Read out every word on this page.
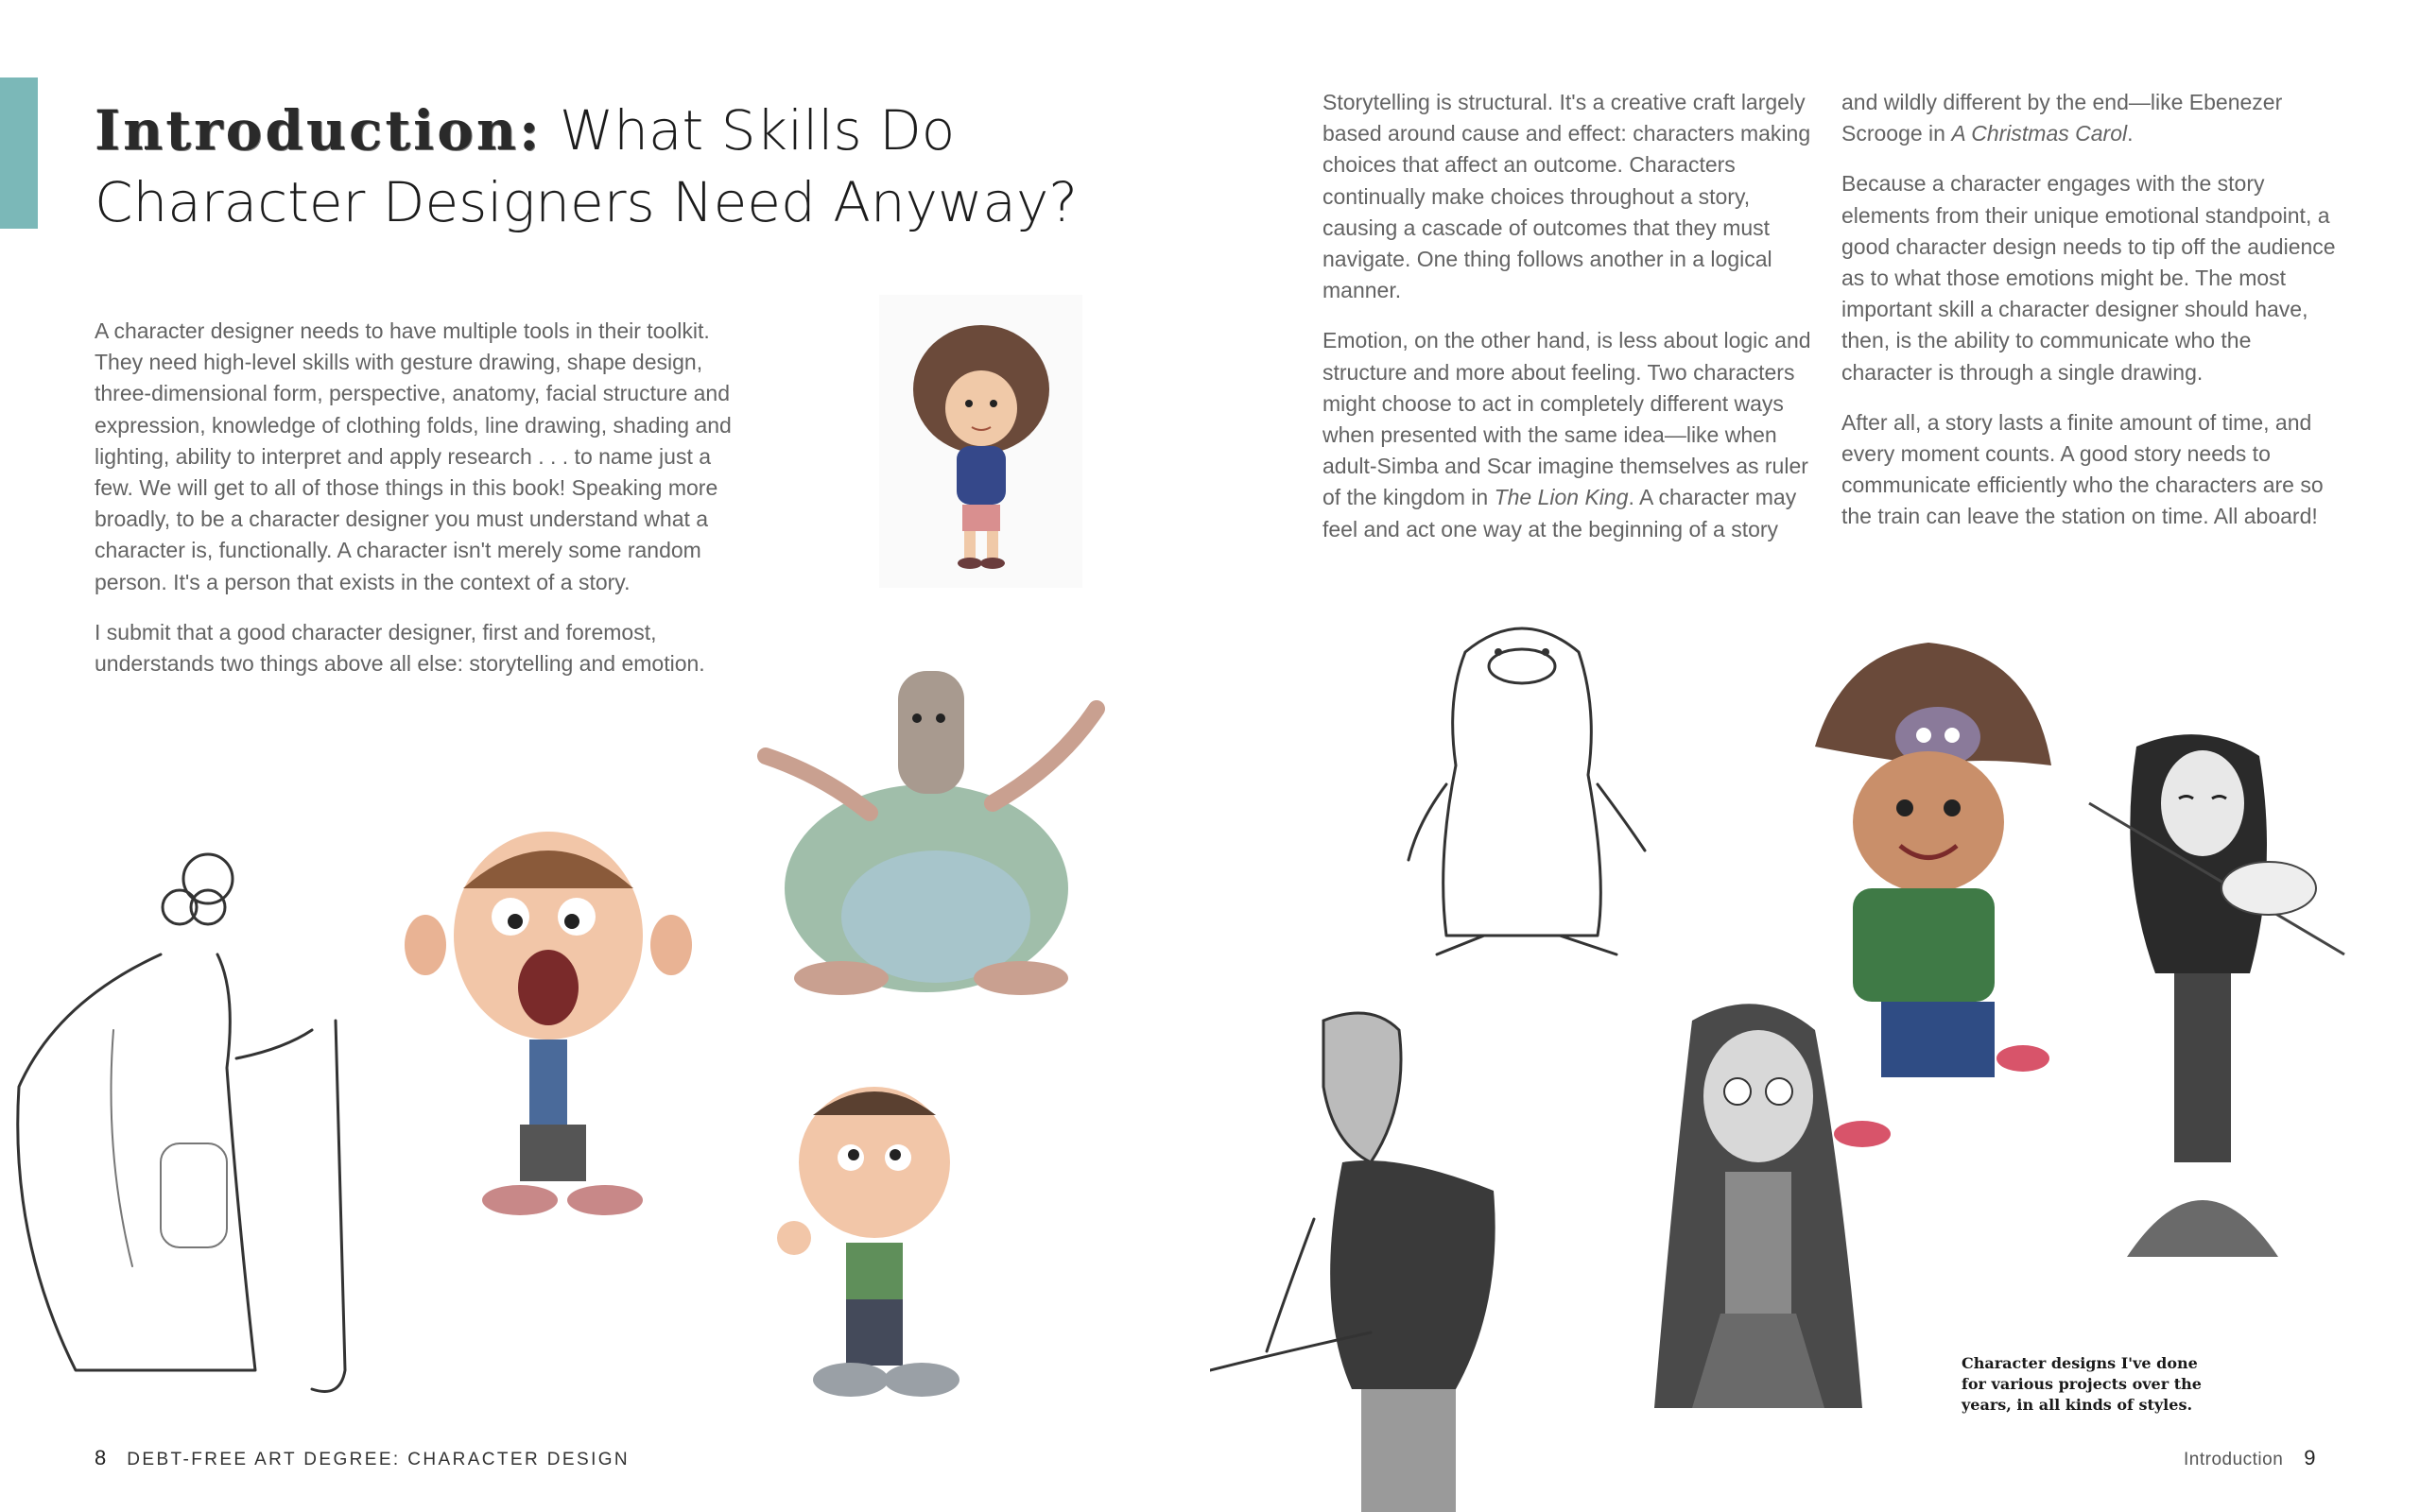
Introduction: What Skills Do Character Designers Need Anyway?

A character designer needs to have multiple tools in their toolkit. They need high-level skills with gesture drawing, shape design, three-dimensional form, perspective, anatomy, facial structure and expression, knowledge of clothing folds, line drawing, shading and lighting, ability to interpret and apply research . . . to name just a few. We will get to all of those things in this book! Speaking more broadly, to be a character designer you must understand what a character is, functionally. A character isn't merely some random person. It's a person that exists in the context of a story.

I submit that a good character designer, first and foremost, understands two things above all else: storytelling and emotion.

Storytelling is structural. It's a creative craft largely based around cause and effect: characters making choices that affect an outcome. Characters continually make choices throughout a story, causing a cascade of outcomes that they must navigate. One thing follows another in a logical manner.

Emotion, on the other hand, is less about logic and structure and more about feeling. Two characters might choose to act in completely different ways when presented with the same idea—like when adult-Simba and Scar imagine themselves as ruler of the kingdom in The Lion King. A character may feel and act one way at the beginning of a story

and wildly different by the end—like Ebenezer Scrooge in A Christmas Carol.

Because a character engages with the story elements from their unique emotional standpoint, a good character design needs to tip off the audience as to what those emotions might be. The most important skill a character designer should have, then, is the ability to communicate who the character is through a single drawing.

After all, a story lasts a finite amount of time, and every moment counts. A good story needs to communicate efficiently who the characters are so the train can leave the station on time. All aboard!

Character designs I've done for various projects over the years, in all kinds of styles.

8 DEBT-FREE ART DEGREE: CHARACTER DESIGN	Introduction 9
